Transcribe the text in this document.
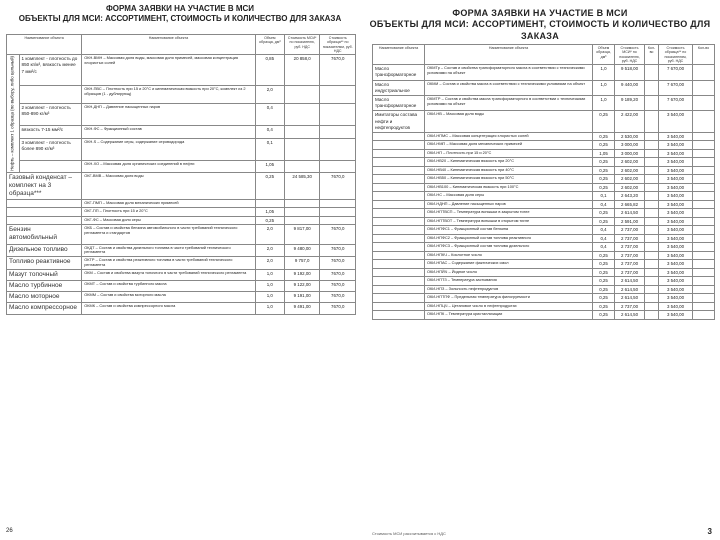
ФОРМА ЗАЯВКИ НА УЧАСТИЕ В МСИ
ОБЪЕКТЫ ДЛЯ МСИ: АССОРТИМЕНТ, СТОИМОСТЬ И КОЛИЧЕСТВО ДЛЯ ЗАКАЗА
Наименование объекта		Наименование объекта	Объем образца, дм³	Стоимость МСИ* по показателю, руб. НДС	Стоимость образца** по показателям, руб. НДС
Нефть – комплект 1 образца (по выбору, либо цельный)	1 комплект - плотность до 850 кг/м³, вязкость менее 7 мм²/с	ОКН-ВМН – Массовая доля воды, массовая доля примесей, массовая концентрация хлористых солей	0,85	20 858,0	7670,0
		ОКН-ПВС – Плотность при 15 и 20°С и кинематическая вязкость при 20°С, комплект из 2 образцов (1 - дублирующ)	2,0		
	2 комплект - плотность 850-890 кг/м³	ОКН-ДНП – Давление насыщенных паров	0,4		
	вязкость 7-15 мм²/с	ОКН-ФС – Фракционный состав	0,4		
	3 комплект - плотность более 890 кг/м³	ОКН-S – Содержание серы, содержание сероводорода	0,1		
		ОКН-ХО – Массовая доля органических соединений в нефти	1,05		
Газовый конденсат – комплект на 3 образца***		ОКГ-ВМВ – Массовая доля воды	0,25	24 585,30	7670,0
		ОКГ-ПМП – Массовая доля механических примесей			
		ОКГ-ПП – Плотность при 15 и 20°С	1,05		
		ОКГ-ФС – Массовая доля серы	0,25		
Бензин автомобильный		ОКБ – Состав и свойства бензина автомобильного в части требований технического регламента и стандартов	2,0	9 817,00	7670,0
Дизельное топливо		ОКДТ – Состав и свойства дизельного топлива в части требований технического регламента	2,0	9 480,00	7670,0
Топливо реактивное		ОКТР – Состав и свойства реактивного топлива в части требований технического регламента	2,0	9 757,0	7670,0
Мазут топочный		ОКМ – Состав и свойства мазута топочного в части требований технического регламента	1,0	9 192,00	7670,0
Масло турбинное		ОКМТ – Состав и свойства турбинного масла	1,0	9 122,00	7670,0
Масло моторное		ОКММ – Состав и свойства моторного масла	1,0	9 191,00	7670,0
Масло компрессорное		ОКМК – Состав и свойства компрессорного масла	1,0	9 491,00	7670,0
26
ФОРМА ЗАЯВКИ НА УЧАСТИЕ В МСИ
ОБЪЕКТЫ ДЛЯ МСИ: АССОРТИМЕНТ, СТОИМОСТЬ И КОЛИЧЕСТВО ДЛЯ ЗАКАЗА
Наименование объекта	Наименование объекта	Объем образца, дм³	Стоимость МСИ* по показателю, руб. НДС	Кол-во	Стоимость образца** по показателям, руб. НДС	Кол-во
Масло трансформаторное	ОКМТр – Состав и свойства трансформаторного масла в соответствии с техническими условиями на объект	1,0	9 518,00		7 670,00	
Масло индустриальное	ОКМИ – Состав и свойства масла в соответствии с техническими условиями на объект	1,0	9 440,00		7 670,00	
Масло трансформаторное	ОКМТР – Состав и свойства масла трансформаторного в соответствии с техническими условиями на объект	1,0	9 189,20		7 670,00	
Имитаторы состава нефти и нефтепродуктов	ОКИ-НВ – Массовая доля воды	0,25	2 422,00		3 540,00	
	ОКИ-НПМС – Массовая концентрация хлористых солей	0,25	2 530,00		3 540,00	
	ОКИ-НМП – Массовая доля механических примесей	0,25	3 000,00		3 540,00	
	ОКИ-НП – Плотность при 15 и 20°С	1,05	3 000,00		3 540,00	
	ОКИ-НВ20 – Кинематическая вязкость при 20°С	0,25	2 602,00		3 540,00	
	ОКИ-НВ40 – Кинематическая вязкость при 40°С	0,25	2 602,00		3 540,00	
	ОКИ-НВ50 – Кинематическая вязкость при 50°С	0,25	2 602,00		3 540,00	
	ОКИ-НВ100 – Кинематическая вязкость при 100°С	0,25	2 602,00		3 540,00	
	ОКИ-НС – Массовая доля серы	0,1	2 643,20		3 540,00	
	ОКИ-НДНП – Давление насыщенных паров	0,4	2 665,82		3 540,00	
	ОКИ-НПТВСП – Температура вспышки в закрытом тигле	0,25	2 614,50		3 540,00	
	ОКИ-НПТВОТ – Температура вспышки в открытом тигле	0,25	2 591,00		3 540,00	
	ОКИ-НПФС1 – Фракционный состав бензина	0,4	2 737,00		3 540,00	
	ОКИ-НПФС2 – Фракционный состав топлива реактивного	0,4	2 737,00		3 540,00	
	ОКИ-НПФС3 – Фракционный состав топлива дизельного	0,4	2 737,00		3 540,00	
	ОКИ-НПКЧ – Кислотное число	0,25	2 737,00		3 540,00	
	ОКИ-НПАС – Содержание фактических смол	0,25	2 737,00		3 540,00	
	ОКИ-НПЙЧ – Йодное число	0,25	2 737,00		3 540,00	
	ОКИ-НПТЗ – Температура застывания	0,25	2 614,50		3 540,00	
	ОКИ-НПЗ – Зольность нефтепродуктов	0,25	2 614,50		3 540,00	
	ОКИ-НПТПФ – Предельная температура фильтруемости	0,25	2 614,50		3 540,00	
	ОКИ-НПЦЧ – Цетановое число в нефтепродуктах	0,25	2 737,00		3 540,00	
	ОКИ-НПК – Температура кристаллизации	0,25	2 614,50		3 540,00	
Стоимость МСИ рассчитывается с НДС	3
